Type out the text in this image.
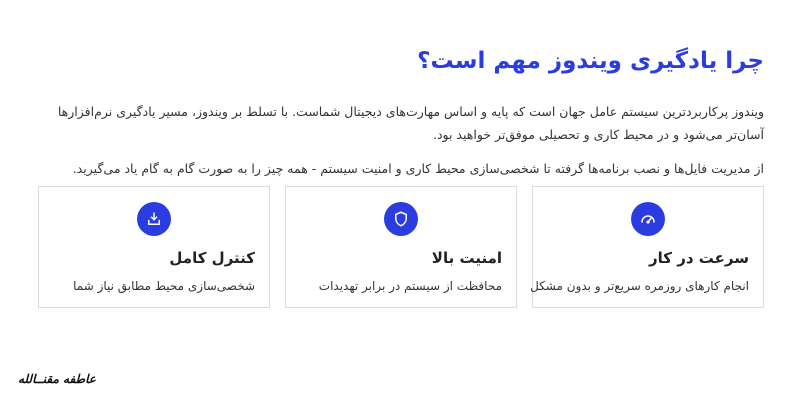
چرا یادگیری ویندوز مهم است؟

ویندوز پرکاربردترین سیستم عامل جهان است که پایه و اساس مهارت‌های دیجیتال شماست. با تسلط بر ویندوز، مسیر یادگیری نرم‌افزارها آسان‌تر می‌شود و در محیط کاری و تحصیلی موفق‌تر خواهید بود.

از مدیریت فایل‌ها و نصب برنامه‌ها گرفته تا شخصی‌سازی محیط کاری و امنیت سیستم - همه چیز را به صورت گام به گام یاد می‌گیرید.

سرعت در کار
انجام کارهای روزمره سریع‌تر و بدون مشکل
امنیت بالا
محافظت از سیستم در برابر تهدیدات
کنترل کامل
شخصی‌سازی محیط مطابق نیاز شما
عاطفه مقنــالله
